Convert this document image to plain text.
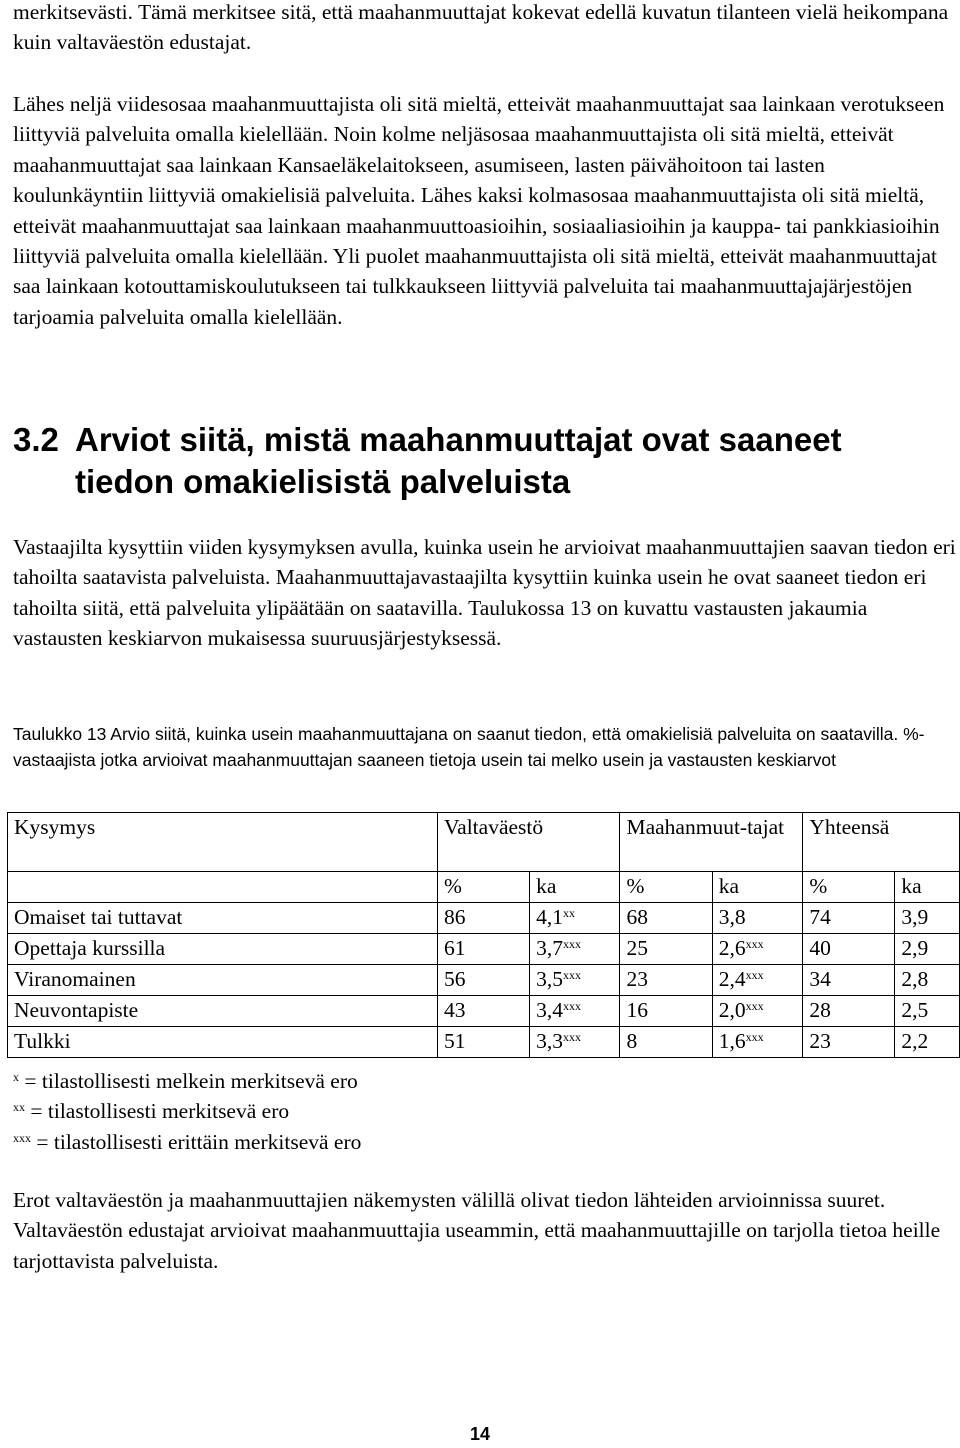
merkitsevästi. Tämä merkitsee sitä, että maahanmuuttajat kokevat edellä kuvatun tilanteen vielä heikompana kuin valtaväestön edustajat.

Lähes neljä viidesosaa maahanmuuttajista oli sitä mieltä, etteivät maahanmuuttajat saa lainkaan verotukseen liittyviä palveluita omalla kielellään. Noin kolme neljäsosaa maahanmuuttajista oli sitä mieltä, etteivät maahanmuuttajat saa lainkaan Kansaeläkelaitokseen, asumiseen, lasten päivähoitoon tai lasten koulunkäyntiin liittyviä omakielisiä palveluita. Lähes kaksi kolmasosaa maahanmuuttajista oli sitä mieltä, etteivät maahanmuuttajat saa lainkaan maahanmuuttoasioihin, sosiaaliasioihin ja kauppa- tai pankkiasioihin liittyviä palveluita omalla kielellään. Yli puolet maahanmuuttajista oli sitä mieltä, etteivät maahanmuuttajat saa lainkaan kotouttamiskoulutukseen tai tulkkaukseen liittyviä palveluita tai maahanmuuttajajärjestöjen tarjoamia palveluita omalla kielellään.

3.2 Arviot siitä, mistä maahanmuuttajat ovat saaneet
tiedon omakielisistä palveluista

Vastaajilta kysyttiin viiden kysymyksen avulla, kuinka usein he arvioivat maahanmuuttajien saavan tiedon eri tahoilta saatavista palveluista. Maahanmuuttajavastaajilta kysyttiin kuinka usein he ovat saaneet tiedon eri tahoilta siitä, että palveluita ylipäätään on saatavilla. Taulukossa 13 on kuvattu vastausten jakaumia vastausten keskiarvon mukaisessa suuruusjärjestyksessä.

Taulukko 13 Arvio siitä, kuinka usein maahanmuuttajana on saanut tiedon, että omakielisiä palveluita on saatavilla. %-vastaajista jotka arvioivat maahanmuuttajan saaneen tietoja usein tai melko usein ja vastausten keskiarvot
Kysymys	Valtaväestö		Maahanmuut-tajat		Yhteensä	
	%	ka	%	ka	%	ka
Omaiset tai tuttavat	86	4,1$^{xx}$	68	3,8	74	3,9
Opettaja kurssilla	61	3,7$^{xxx}$	25	2,6$^{xxx}$	40	2,9
Viranomainen	56	3,5$^{xxx}$	23	2,4$^{xxx}$	34	2,8
Neuvontapiste	43	3,4$^{xxx}$	16	2,0$^{xxx}$	28	2,5
Tulkki	51	3,3$^{xxx}$	8	1,6$^{xxx}$	23	2,2
$^x$ = tilastollisesti melkein merkitsevä ero
$^{xx}$ = tilastollisesti merkitsevä ero
$^{xxx}$ = tilastollisesti erittäin merkitsevä ero

Erot valtaväestön ja maahanmuuttajien näkemysten välillä olivat tiedon lähteiden arvioinnissa suuret. Valtaväestön edustajat arvioivat maahanmuuttajia useammin, että maahanmuuttajille on tarjolla tietoa heille tarjottavista palveluista.

14
